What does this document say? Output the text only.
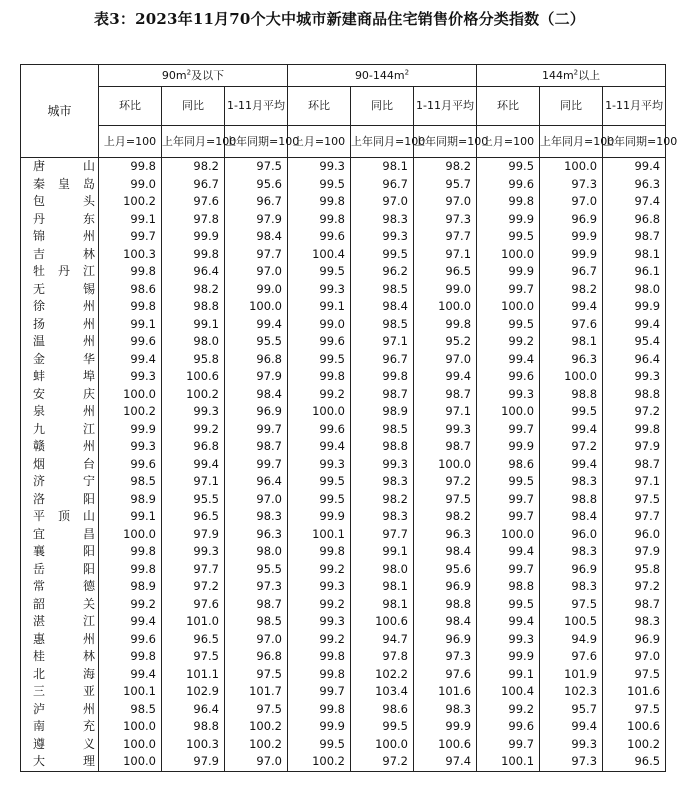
表3：2023年11月70个大中城市新建商品住宅销售价格分类指数（二）
城市	$90m^2$及以下			$90-144m^2$			$144m^2$以上		
	环比	同比	1-11月平均	环比	同比	1-11月平均	环比	同比	1-11月平均
	上月=100	上年同月=100	上年同期=100	上月=100	上年同月=100	上年同期=100	上月=100	上年同月=100	上年同期=100

唐 山	99.8	98.2	97.5	99.3	98.1	98.2	99.5	100.0	99.4

秦 皇 岛	99.0	96.7	95.6	99.5	96.7	95.7	99.6	97.3	96.3

包 头	100.2	97.6	96.7	99.8	97.0	97.0	99.8	97.0	97.4

丹 东	99.1	97.8	97.9	99.8	98.3	97.3	99.9	96.9	96.8

锦 州	99.7	99.9	98.4	99.6	99.3	97.7	99.5	99.9	98.7

吉 林	100.3	99.8	97.7	100.4	99.5	97.1	100.0	99.9	98.1

牡 丹 江	99.8	96.4	97.0	99.5	96.2	96.5	99.9	96.7	96.1

无 锡	98.6	98.2	99.0	99.3	98.5	99.0	99.7	98.2	98.0

徐 州	99.8	98.8	100.0	99.1	98.4	100.0	100.0	99.4	99.9

扬 州	99.1	99.1	99.4	99.0	98.5	99.8	99.5	97.6	99.4

温 州	99.6	98.0	95.5	99.6	97.1	95.2	99.2	98.1	95.4

金 华	99.4	95.8	96.8	99.5	96.7	97.0	99.4	96.3	96.4

蚌 埠	99.3	100.6	97.9	99.8	99.8	99.4	99.6	100.0	99.3

安 庆	100.0	100.2	98.4	99.2	98.7	98.7	99.3	98.8	98.8

泉 州	100.2	99.3	96.9	100.0	98.9	97.1	100.0	99.5	97.2

九 江	99.9	99.2	99.7	99.6	98.5	99.3	99.7	99.4	99.8

赣 州	99.3	96.8	98.7	99.4	98.8	98.7	99.9	97.2	97.9

烟 台	99.6	99.4	99.7	99.3	99.3	100.0	98.6	99.4	98.7

济 宁	98.5	97.1	96.4	99.5	98.3	97.2	99.5	98.3	97.1

洛 阳	98.9	95.5	97.0	99.5	98.2	97.5	99.7	98.8	97.5

平 顶 山	99.1	96.5	98.3	99.9	98.3	98.2	99.7	98.4	97.7

宜 昌	100.0	97.9	96.3	100.1	97.7	96.3	100.0	96.0	96.0

襄 阳	99.8	99.3	98.0	99.8	99.1	98.4	99.4	98.3	97.9

岳 阳	99.8	97.7	95.5	99.2	98.0	95.6	99.7	96.9	95.8

常 德	98.9	97.2	97.3	99.3	98.1	96.9	98.8	98.3	97.2

韶 关	99.2	97.6	98.7	99.2	98.1	98.8	99.5	97.5	98.7

湛 江	99.4	101.0	98.5	99.3	100.6	98.4	99.4	100.5	98.3

惠 州	99.6	96.5	97.0	99.2	94.7	96.9	99.3	94.9	96.9

桂 林	99.8	97.5	96.8	99.8	97.8	97.3	99.9	97.6	97.0

北 海	99.4	101.1	97.5	99.8	102.2	97.6	99.1	101.9	97.5

三 亚	100.1	102.9	101.7	99.7	103.4	101.6	100.4	102.3	101.6

泸 州	98.5	96.4	97.5	99.8	98.6	98.3	99.2	95.7	97.5

南 充	100.0	98.8	100.2	99.9	99.5	99.9	99.6	99.4	100.6

遵 义	100.0	100.3	100.2	99.5	100.0	100.6	99.7	99.3	100.2

大 理	100.0	97.9	97.0	100.2	97.2	97.4	100.1	97.3	96.5
